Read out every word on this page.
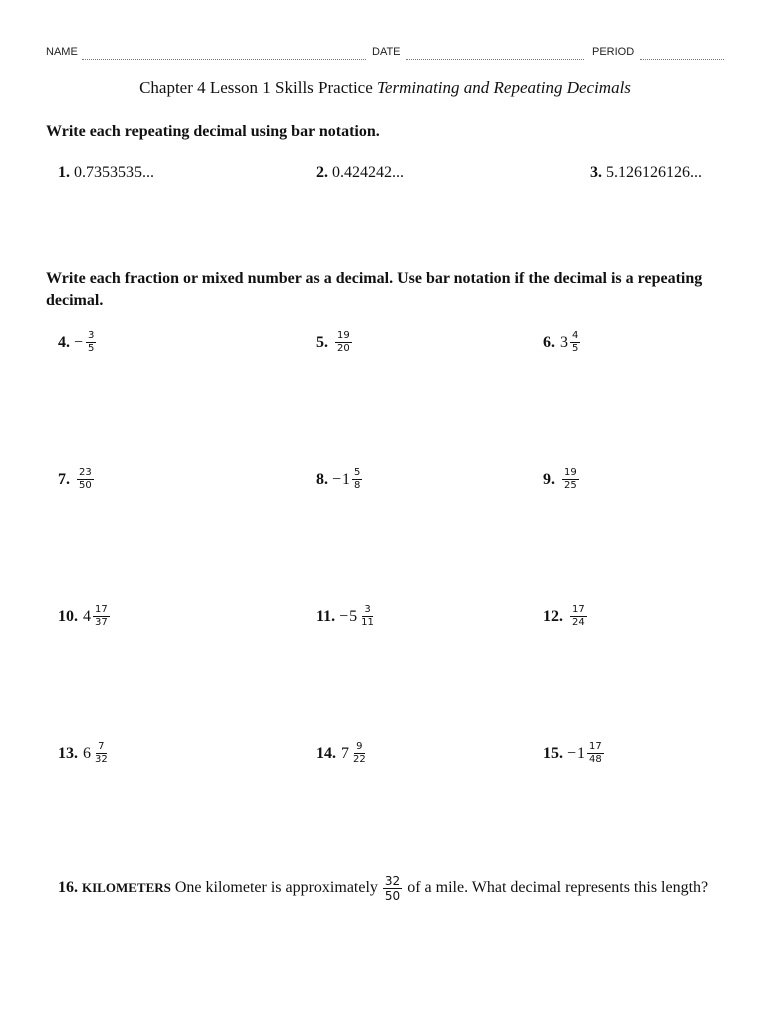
NAME	DATE	PERIOD
Chapter 4 Lesson 1 Skills Practice Terminating and Repeating Decimals
Write each repeating decimal using bar notation.
1. 0.7353535...	2. 0.424242...	3. 5.126126126...
Write each fraction or mixed number as a decimal. Use bar notation if the decimal is a repeating decimal.
4. − $\frac{3}{5}$	5. $\frac{19}{20}$	6. $3 \frac{4}{5}$
7. $\frac{23}{50}$	8. − $1 \frac{5}{8}$	9. $\frac{19}{25}$
10. $4 \frac{17}{37}$	11. − $5 \frac{3}{11}$	12. $\frac{17}{24}$
13. $6 \frac{7}{32}$	14. $7 \frac{9}{22}$	15. − $1 \frac{17}{48}$
16. KILOMETERS One kilometer is approximately $\frac{32}{50}$ of a mile. What decimal represents this length?
